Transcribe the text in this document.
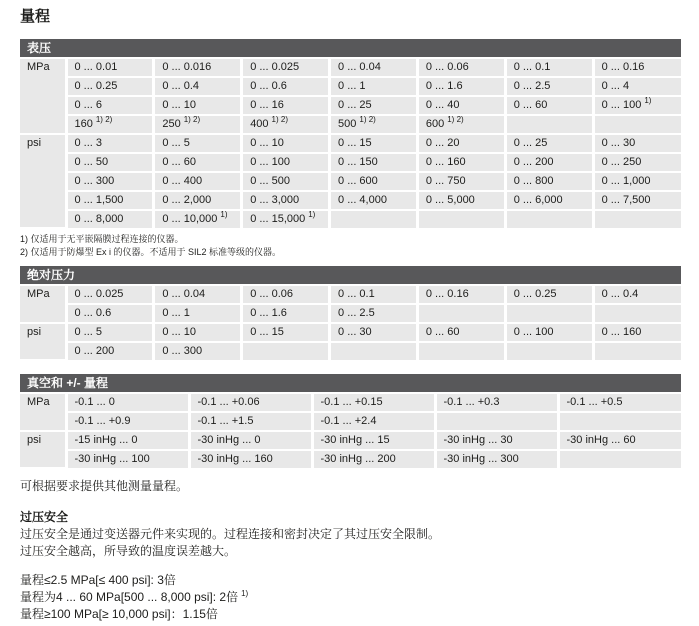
量程
表压							
MPa	0 ... 0.01	0 ... 0.016	0 ... 0.025	0 ... 0.04	0 ... 0.06	0 ... 0.1	0 ... 0.16
	0 ... 0.25	0 ... 0.4	0 ... 0.6	0 ... 1	0 ... 1.6	0 ... 2.5	0 ... 4
	0 ... 6	0 ... 10	0 ... 16	0 ... 25	0 ... 40	0 ... 60	0 ... 100 $^{1)}$
	160 $^{1) 2)}$	250 $^{1) 2)}$	400 $^{1) 2)}$	500 $^{1) 2)}$	600 $^{1) 2)}$		
psi	0 ... 3	0 ... 5	0 ... 10	0 ... 15	0 ... 20	0 ... 25	0 ... 30
	0 ... 50	0 ... 60	0 ... 100	0 ... 150	0 ... 160	0 ... 200	0 ... 250
	0 ... 300	0 ... 400	0 ... 500	0 ... 600	0 ... 750	0 ... 800	0 ... 1,000
	0 ... 1,500	0 ... 2,000	0 ... 3,000	0 ... 4,000	0 ... 5,000	0 ... 6,000	0 ... 7,500
	0 ... 8,000	0 ... 10,000 $^{1)}$	0 ... 15,000 $^{1)}$				
1) 仅适用于无平嵌隔膜过程连接的仪器。
2) 仅适用于防爆型 Ex i 的仪器。不适用于 SIL2 标准等级的仪器。
绝对压力							
MPa	0 ... 0.025	0 ... 0.04	0 ... 0.06	0 ... 0.1	0 ... 0.16	0 ... 0.25	0 ... 0.4
	0 ... 0.6	0 ... 1	0 ... 1.6	0 ... 2.5			
psi	0 ... 5	0 ... 10	0 ... 15	0 ... 30	0 ... 60	0 ... 100	0 ... 160
	0 ... 200	0 ... 300					
真空和 +/- 量程					
MPa	-0.1 ... 0	-0.1 ... +0.06	-0.1 ... +0.15	-0.1 ... +0.3	-0.1 ... +0.5
	-0.1 ... +0.9	-0.1 ... +1.5	-0.1 ... +2.4		
psi	-15 inHg ... 0	-30 inHg ... 0	-30 inHg ... 15	-30 inHg ... 30	-30 inHg ... 60
	-30 inHg ... 100	-30 inHg ... 160	-30 inHg ... 200	-30 inHg ... 300	

可根据要求提供其他测量量程。

过压安全
过压安全是通过变送器元件来实现的。过程连接和密封决定了其过压安全限制。
过压安全越高，所导致的温度误差越大。
量程≤2.5 MPa[≤ 400 psi]: 3倍
量程为4 ... 60 MPa[500 ... 8,000 psi]: 2倍 $^{1)}$
量程≥100 MPa[≥ 10,000 psi]：1.15倍
